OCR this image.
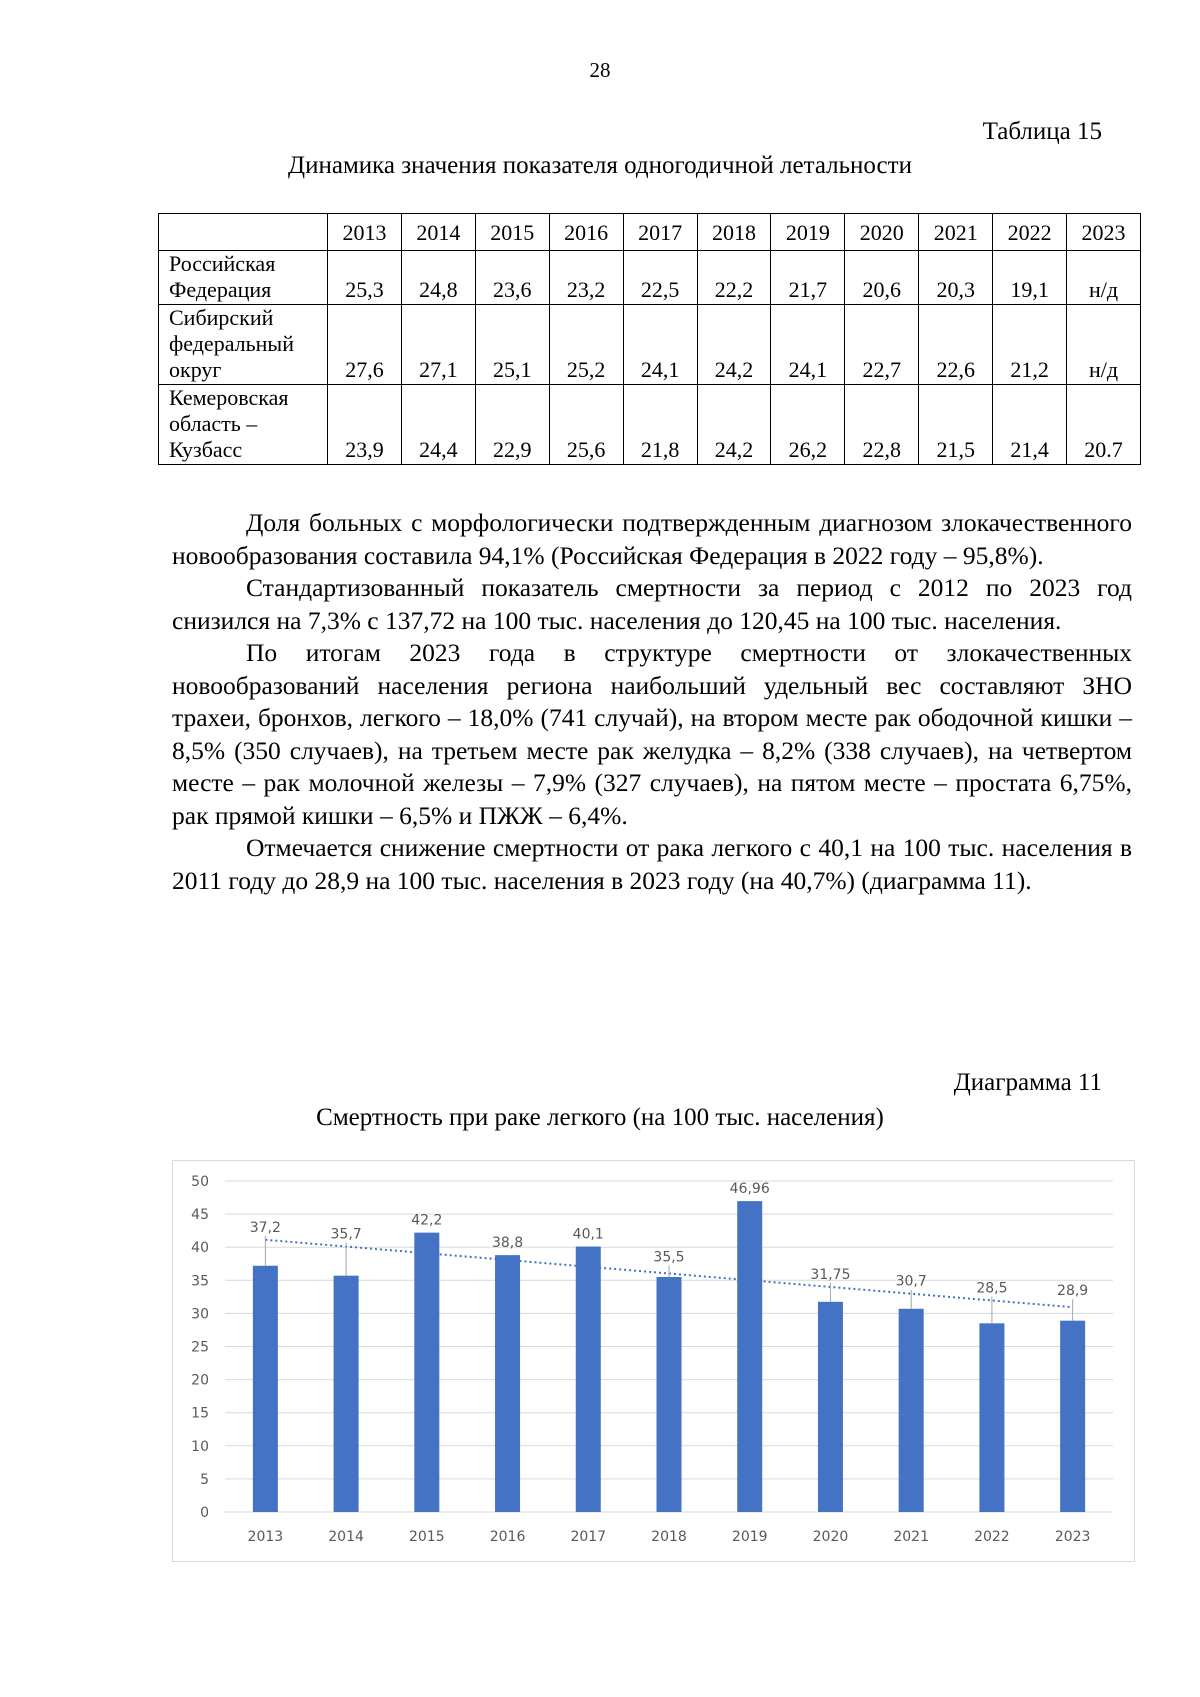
28
Таблица 15
Динамика значения показателя одногодичной летальности
	2013	2014	2015	2016	2017	2018	2019	2020	2021	2022	2023
Российская
Федерация	25,3	24,8	23,6	23,2	22,5	22,2	21,7	20,6	20,3	19,1	н/д
Сибирский
федеральный
округ	27,6	27,1	25,1	25,2	24,1	24,2	24,1	22,7	22,6	21,2	н/д
Кемеровская
область –
Кузбасс	23,9	24,4	22,9	25,6	21,8	24,2	26,2	22,8	21,5	21,4	20.7

Доля больных с морфологически подтвержденным диагнозом злокачественного новообразования составила 94,1% (Российская Федерация в 2022 году – 95,8%).

Стандартизованный показатель смертности за период с 2012 по 2023 год снизился на 7,3% с 137,72 на 100 тыс. населения до 120,45 на 100 тыс. населения.

По итогам 2023 года в структуре смертности от злокачественных новообразований населения региона наибольший удельный вес составляют ЗНО трахеи, бронхов, легкого – 18,0% (741 случай), на втором месте рак ободочной кишки – 8,5% (350 случаев), на третьем месте рак желудка – 8,2% (338 случаев), на четвертом месте – рак молочной железы – 7,9% (327 случаев), на пятом месте – простата 6,75%, рак прямой кишки – 6,5% и ПЖЖ – 6,4%.

Отмечается снижение смертности от рака легкого с 40,1 на 100 тыс. населения в 2011 году до 28,9 на 100 тыс. населения в 2023 году (на 40,7%) (диаграмма 11).

Диаграмма 11
Смертность при раке легкого (на 100 тыс. населения)
0
5
10
15
20
25
30
35
40
45
50
2013	2014	2015	2016	2017	2018	2019	2020	2021	2022	2023
37,2	35,7
42,2
38,8
40,1
35,5
46,96
31,75	30,7	28,5	28,9
